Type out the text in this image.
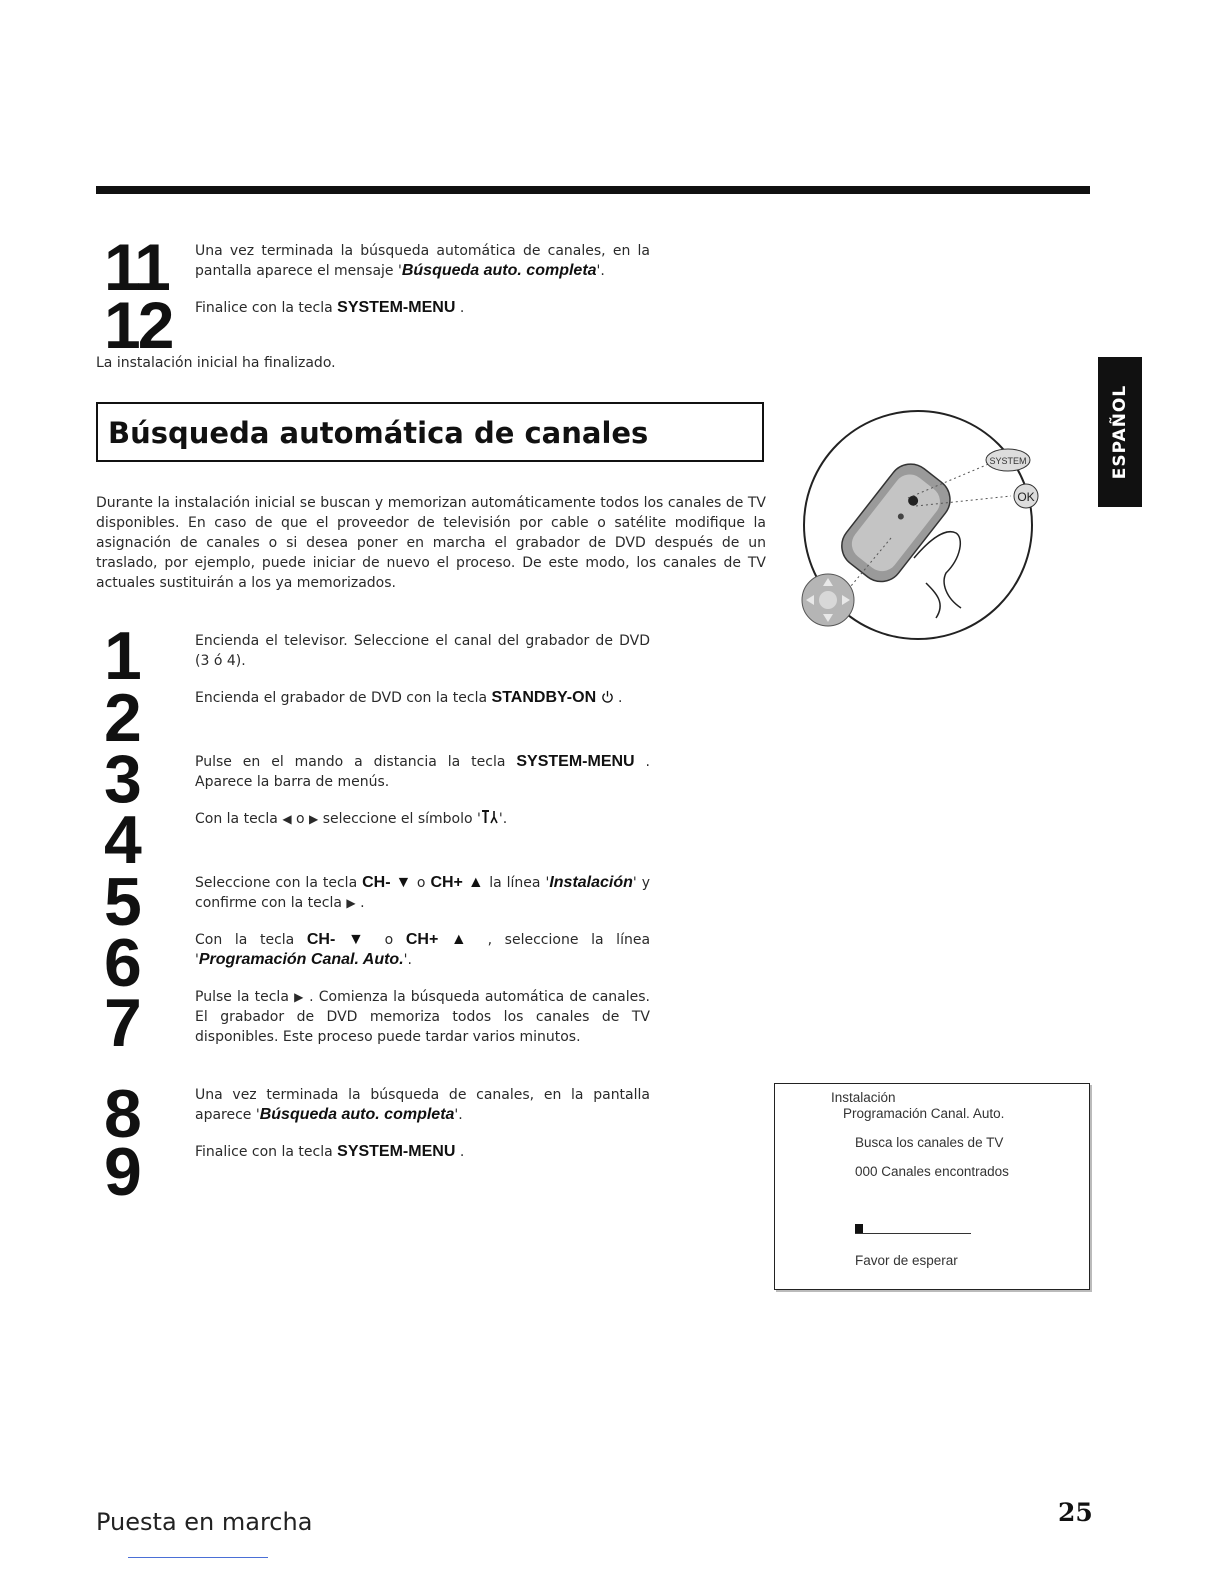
ESPAÑOL
11
12
Una vez terminada la búsqueda automática de canales, en la pantalla aparece el mensaje 'Búsqueda auto. completa'.
Finalice con la tecla SYSTEM-MENU .
La instalación inicial ha finalizado.
Búsqueda automática de canales
Durante la instalación inicial se buscan y memorizan automáticamente todos los canales de TV disponibles. En caso de que el proveedor de televisión por cable o satélite modifique la asignación de canales o si desea poner en marcha el grabador de DVD después de un traslado, por ejemplo, puede iniciar de nuevo el proceso. De este modo, los canales de TV actuales sustituirán a los ya memorizados.
SYSTEM
OK
1
2
3
4
5
6
7
8
9
Encienda el televisor. Seleccione el canal del grabador de DVD (3 ó 4).
Encienda el grabador de DVD con la tecla STANDBY-ON  .
Pulse en el mando a distancia la tecla SYSTEM-MENU . Aparece la barra de menús.
Con la tecla ◀ o ▶ seleccione el símbolo ' '.
Seleccione con la tecla CH- ▼ o CH+ ▲ la línea 'Instalación' y confirme con la tecla ▶ .
Con la tecla CH- ▼ o CH+ ▲ , seleccione la línea 'Programación Canal. Auto.'.
Pulse la tecla ▶ . Comienza la búsqueda automática de canales. El grabador de DVD memoriza todos los canales de TV disponibles. Este proceso puede tardar varios minutos.
Una vez terminada la búsqueda de canales, en la pantalla aparece 'Búsqueda auto. completa'.
Finalice con la tecla SYSTEM-MENU .
Instalación
Programación Canal. Auto.
Busca los canales de TV
000 Canales encontrados
Favor de esperar
Puesta en marcha	25
